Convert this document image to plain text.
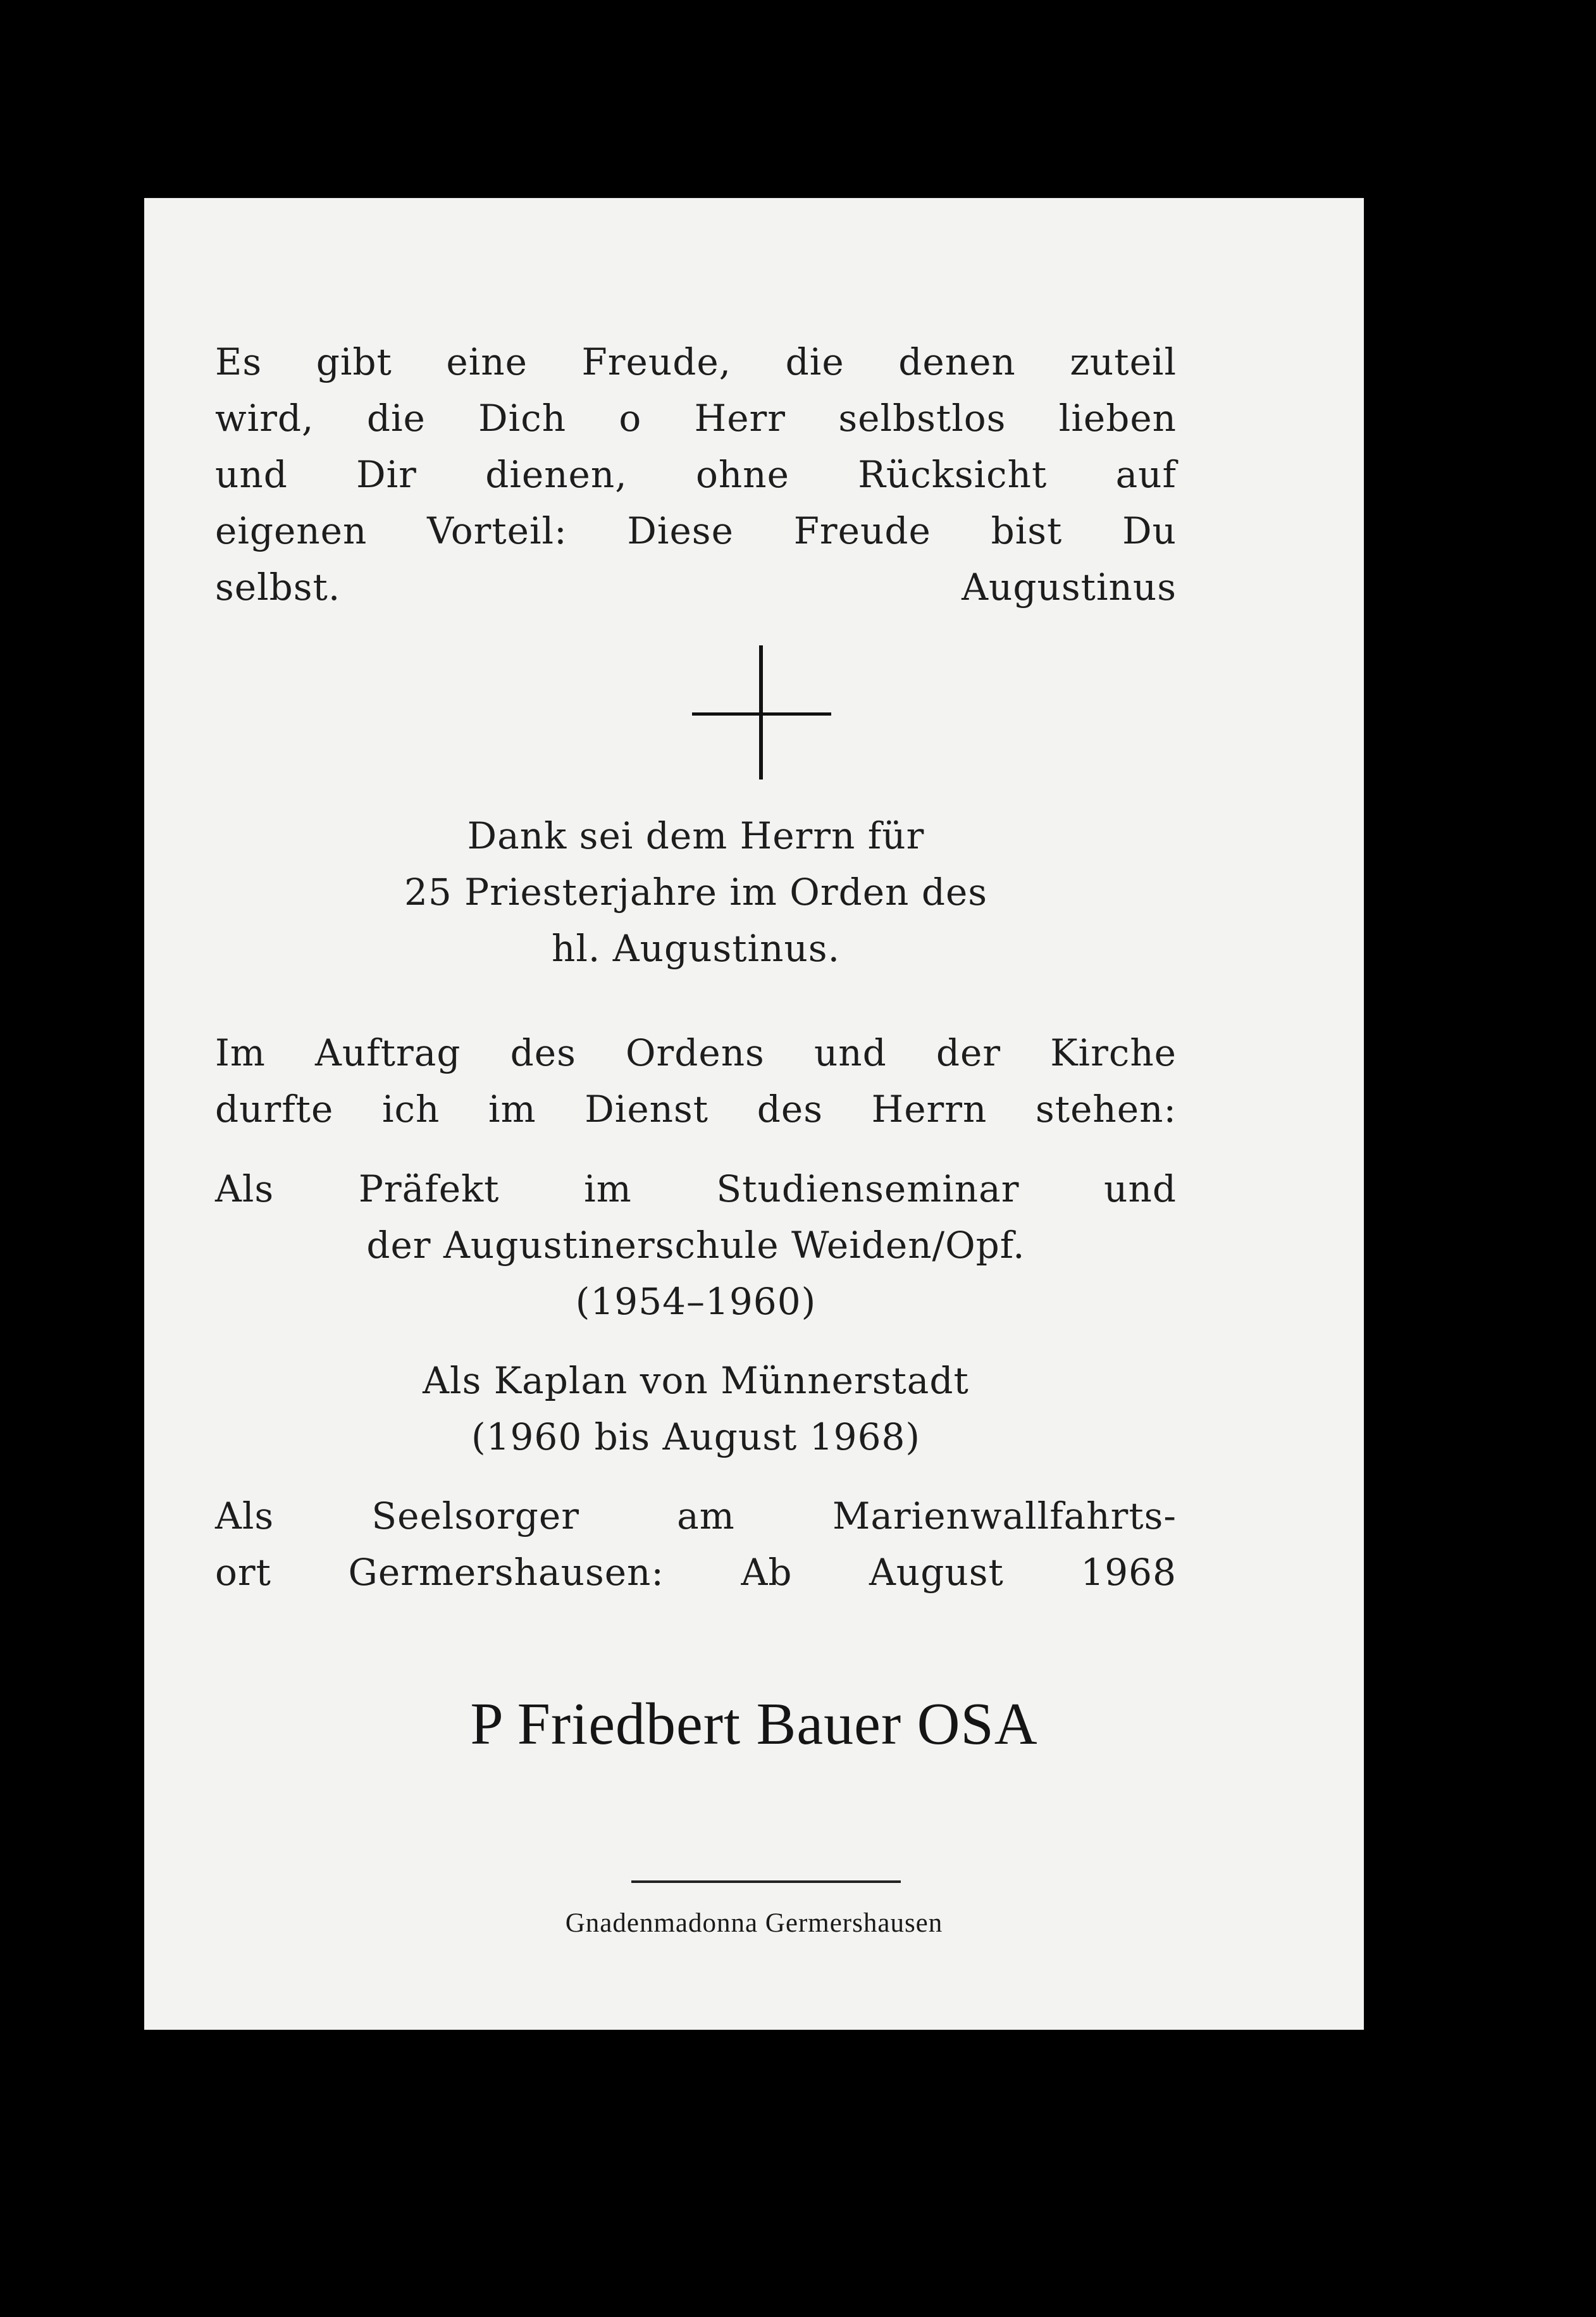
Es gibt eine Freude, die denen zuteil
wird, die Dich o Herr selbstlos lieben
und Dir dienen, ohne Rücksicht auf
eigenen Vorteil: Diese Freude bist Du
selbst.	Augustinus
Dank sei dem Herrn für
25 Priesterjahre im Orden des
hl. Augustinus.
Im Auftrag des Ordens und der Kirche
durfte ich im Dienst des Herrn stehen:
Als Präfekt im Studienseminar und
der Augustinerschule Weiden/Opf.
(1954–1960)
Als Kaplan von Münnerstadt
(1960 bis August 1968)
Als Seelsorger am Marienwallfahrts-
ort Germershausen: Ab August 1968
P Friedbert Bauer OSA
Gnadenmadonna Germershausen
